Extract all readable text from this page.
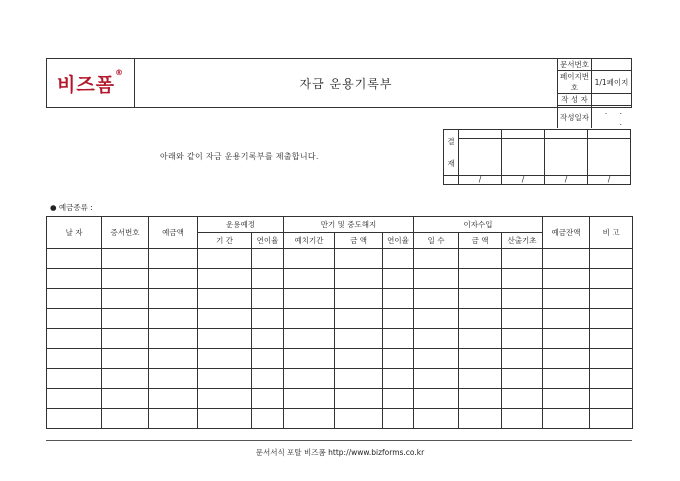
비즈폼®
자금 운용기록부
문서번호	
페이지번호	1/1페이지
작 성 자	
작성일자	. . .
아래와 같이 자금 운용기록부를 제출합니다.
결
재				

	/	/	/	/
● 예금종류 :
날 자	증서번호	예금액	운용예정		만기 및 중도해지			이자수입			예금잔액	비 고
			기 간	연이율	예치기간	금 액	연이율	일 수	금 액	산출기초		

문서서식 포탈 비즈폼 http://www.bizforms.co.kr
